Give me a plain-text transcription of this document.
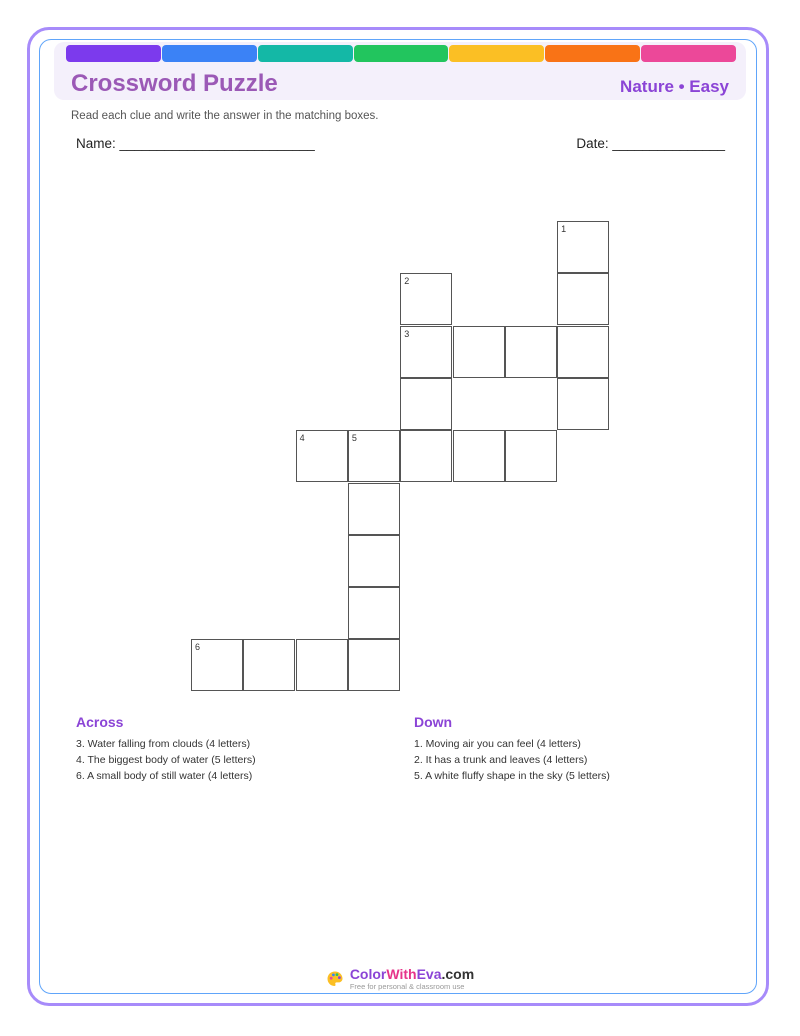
Crossword Puzzle	Nature • Easy
Read each clue and write the answer in the matching boxes.
Name: __________________________	Date: _______________
1
2
3
4	5
6
Across
3. Water falling from clouds (4 letters)
4. The biggest body of water (5 letters)
6. A small body of still water (4 letters)
Down
1. Moving air you can feel (4 letters)
2. It has a trunk and leaves (4 letters)
5. A white fluffy shape in the sky (5 letters)
ColorWithEva.com
Free for personal & classroom use
